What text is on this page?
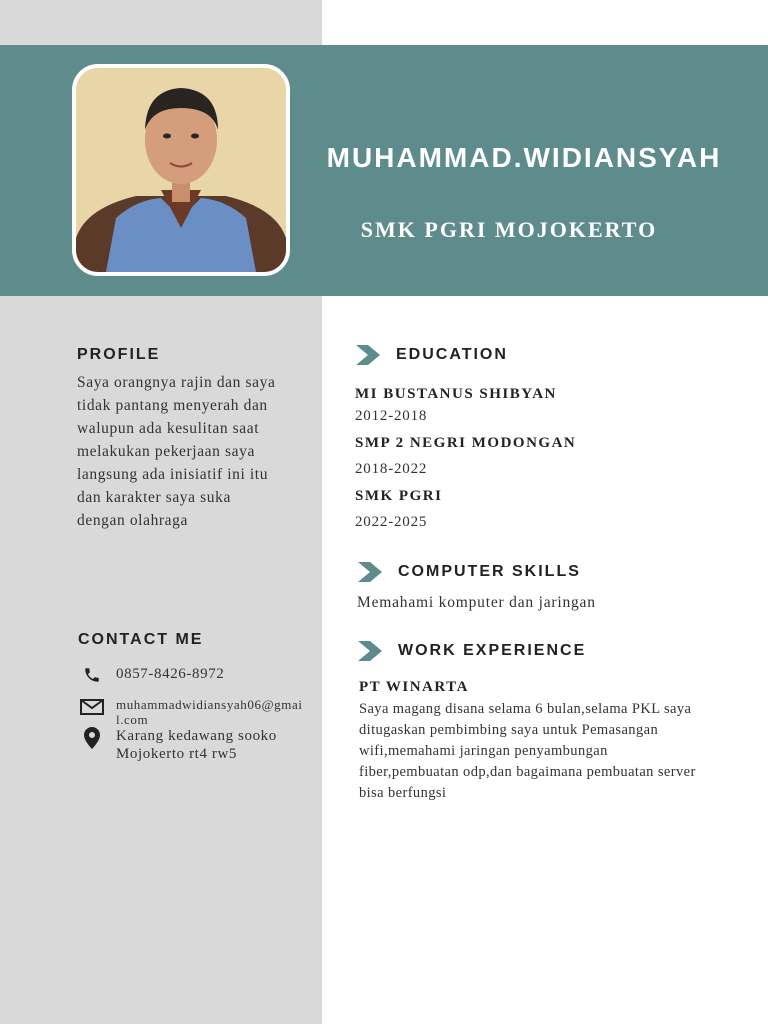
MUHAMMAD.WIDIANSYAH
SMK PGRI MOJOKERTO
PROFILE
Saya orangnya rajin dan saya tidak pantang menyerah dan walupun ada kesulitan saat melakukan pekerjaan saya langsung ada inisiatif ini itu dan karakter saya suka dengan olahraga
CONTACT ME
0857-8426-8972
muhammadwidiansyah06@gmail.com
Karang kedawang sooko Mojokerto rt4 rw5
EDUCATION
MI BUSTANUS SHIBYAN
2012-2018
SMP 2 NEGRI MODONGAN
2018-2022
SMK PGRI
2022-2025
COMPUTER SKILLS
Memahami komputer dan jaringan
WORK EXPERIENCE
PT WINARTA
Saya magang disana selama 6 bulan,selama PKL saya ditugaskan pembimbing saya untuk Pemasangan wifi,memahami jaringan penyambungan fiber,pembuatan odp,dan bagaimana pembuatan server bisa berfungsi
